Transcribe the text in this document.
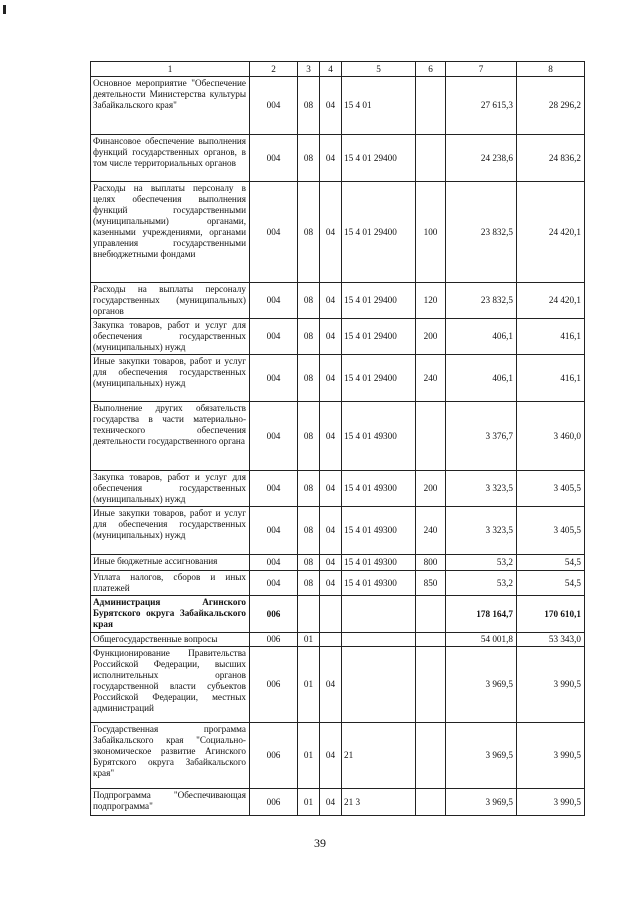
1	2	3	4	5	6	7	8
Основное мероприятие "Обеспечение деятельности Министерства культуры Забайкальского края"	004	08	04	15 4 01		27 615,3	28 296,2
Финансовое обеспечение выполнения функций государственных органов, в том числе территориальных органов	004	08	04	15 4 01 29400		24 238,6	24 836,2
Расходы на выплаты персоналу в целях обеспечения выполнения функций государственными (муниципальными) органами, казенными учреждениями, органами управления государственными внебюджетными фондами	004	08	04	15 4 01 29400	100	23 832,5	24 420,1
Расходы на выплаты персоналу государственных (муниципальных) органов	004	08	04	15 4 01 29400	120	23 832,5	24 420,1
Закупка товаров, работ и услуг для обеспечения государственных (муниципальных) нужд	004	08	04	15 4 01 29400	200	406,1	416,1
Иные закупки товаров, работ и услуг для обеспечения государственных (муниципальных) нужд	004	08	04	15 4 01 29400	240	406,1	416,1
Выполнение других обязательств государства в части материально-технического обеспечения деятельности государственного органа	004	08	04	15 4 01 49300		3 376,7	3 460,0
Закупка товаров, работ и услуг для обеспечения государственных (муниципальных) нужд	004	08	04	15 4 01 49300	200	3 323,5	3 405,5
Иные закупки товаров, работ и услуг для обеспечения государственных (муниципальных) нужд	004	08	04	15 4 01 49300	240	3 323,5	3 405,5
Иные бюджетные ассигнования	004	08	04	15 4 01 49300	800	53,2	54,5
Уплата налогов, сборов и иных платежей	004	08	04	15 4 01 49300	850	53,2	54,5
Администрация Агинского Бурятского округа Забайкальского края	006					178 164,7	170 610,1
Общегосударственные вопросы	006	01				54 001,8	53 343,0
Функционирование Правительства Российской Федерации, высших исполнительных органов государственной власти субъектов Российской Федерации, местных администраций	006	01	04			3 969,5	3 990,5
Государственная программа Забайкальского края "Социально-экономическое развитие Агинского Бурятского округа Забайкальского края"	006	01	04	21		3 969,5	3 990,5
Подпрограмма "Обеспечивающая подпрограмма"	006	01	04	21 3		3 969,5	3 990,5
39
